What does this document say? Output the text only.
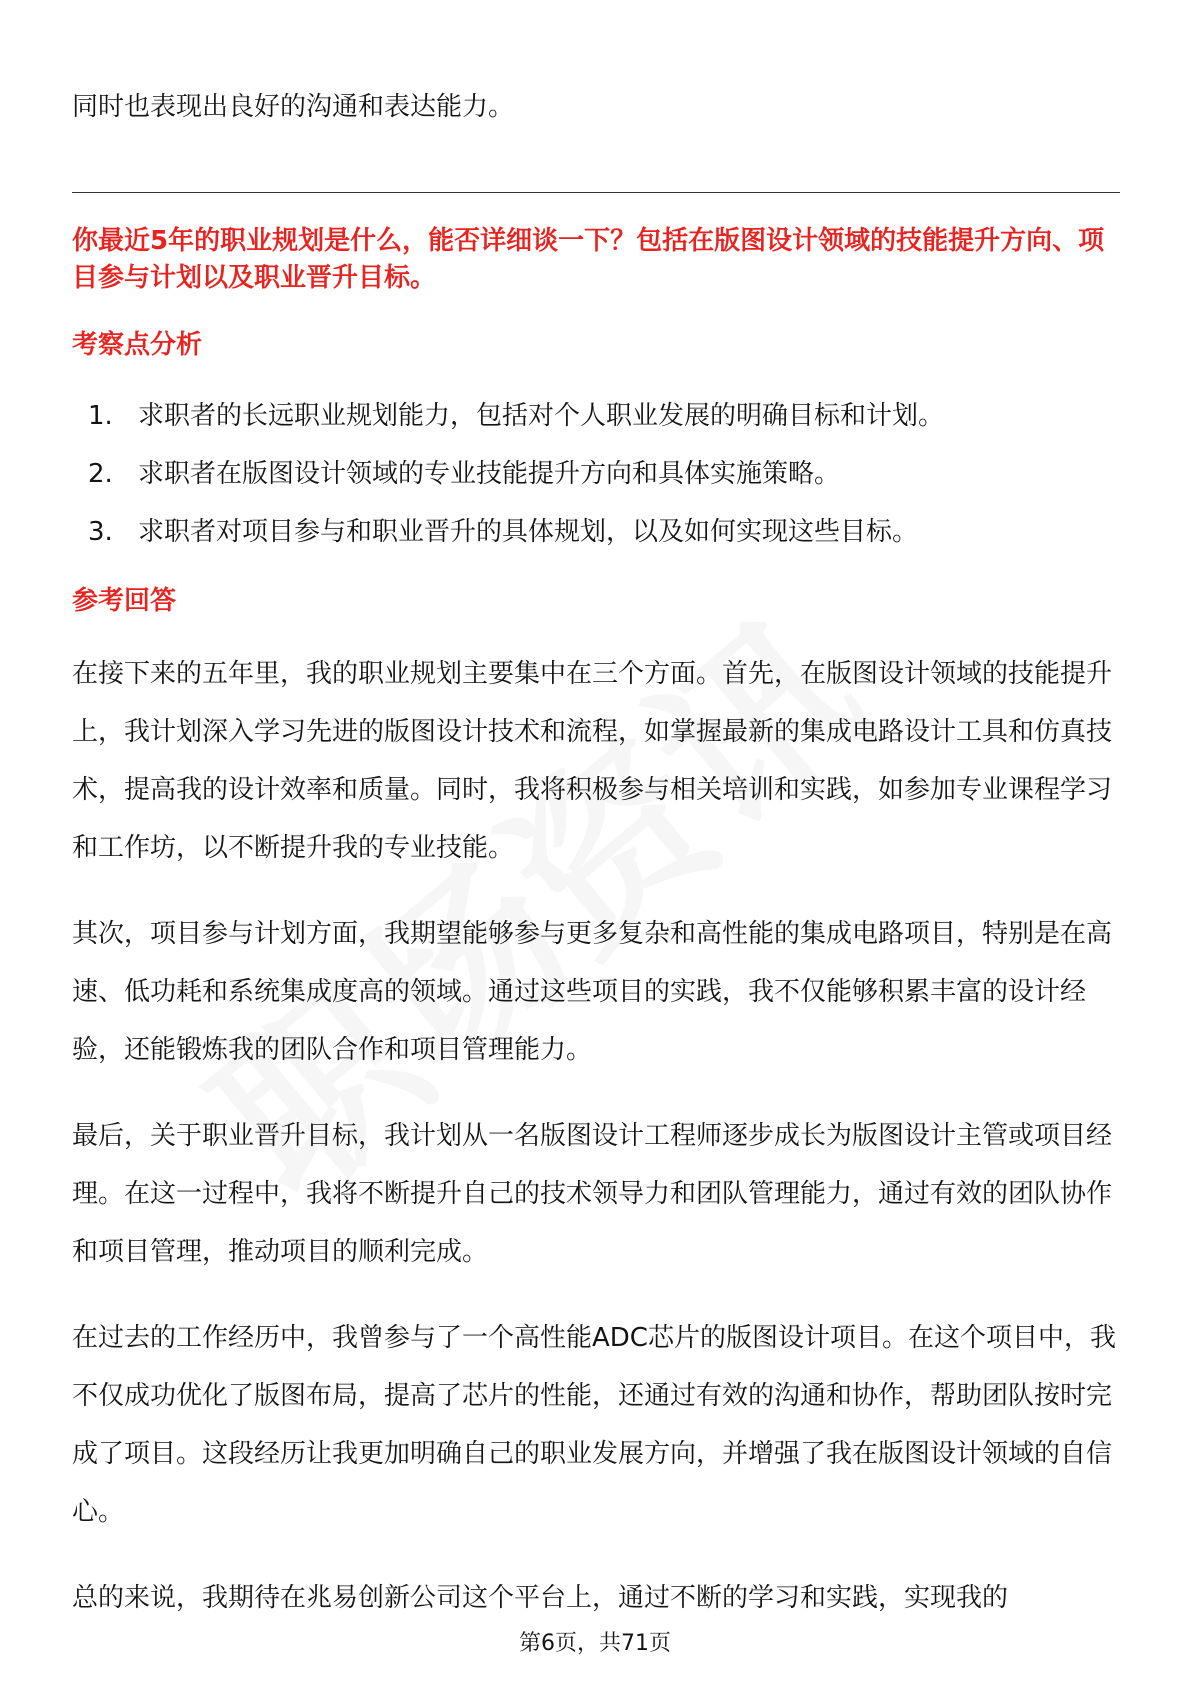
同时也表现出良好的沟通和表达能力。

你最近5年的职业规划是什么，能否详细谈一下？包括在版图设计领域的技能提升方向、项目参与计划以及职业晋升目标。

考察点分析
1. 求职者的长远职业规划能力，包括对个人职业发展的明确目标和计划。
2. 求职者在版图设计领域的专业技能提升方向和具体实施策略。
3. 求职者对项目参与和职业晋升的具体规划，以及如何实现这些目标。
参考回答

在接下来的五年里，我的职业规划主要集中在三个方面。首先，在版图设计领域的技能提升上，我计划深入学习先进的版图设计技术和流程，如掌握最新的集成电路设计工具和仿真技术，提高我的设计效率和质量。同时，我将积极参与相关培训和实践，如参加专业课程学习和工作坊，以不断提升我的专业技能。

其次，项目参与计划方面，我期望能够参与更多复杂和高性能的集成电路项目，特别是在高速、低功耗和系统集成度高的领域。通过这些项目的实践，我不仅能够积累丰富的设计经验，还能锻炼我的团队合作和项目管理能力。

最后，关于职业晋升目标，我计划从一名版图设计工程师逐步成长为版图设计主管或项目经理。在这一过程中，我将不断提升自己的技术领导力和团队管理能力，通过有效的团队协作和项目管理，推动项目的顺利完成。

在过去的工作经历中，我曾参与了一个高性能ADC芯片的版图设计项目。在这个项目中，我不仅成功优化了版图布局，提高了芯片的性能，还通过有效的沟通和协作，帮助团队按时完成了项目。这段经历让我更加明确自己的职业发展方向，并增强了我在版图设计领域的自信心。

总的来说，我期待在兆易创新公司这个平台上，通过不断的学习和实践，实现我的

第6页，共71页
